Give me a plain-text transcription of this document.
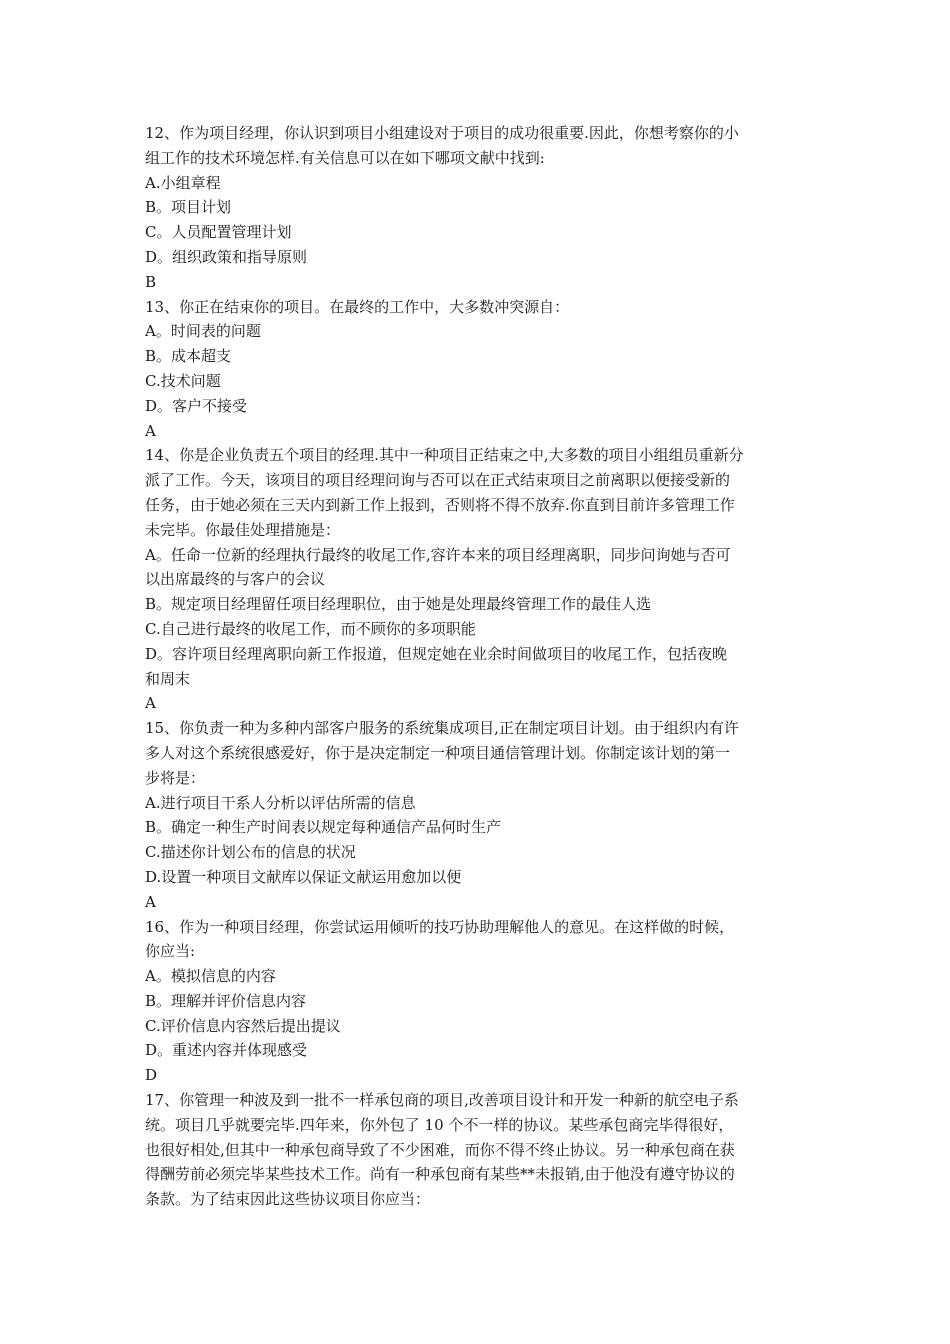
12、作为项目经理，你认识到项目小组建设对于项目的成功很重要.因此，你想考察你的小
组工作的技术环境怎样.有关信息可以在如下哪项文献中找到:
A.小组章程
B。项目计划
C。人员配置管理计划
D。组织政策和指导原则
B
13、你正在结束你的项目。在最终的工作中，大多数冲突源自：
A。时间表的问题
B。成本超支
C.技术问题
D。客户不接受
A
14、你是企业负责五个项目的经理.其中一种项目正结束之中,大多数的项目小组组员重新分
派了工作。今天，该项目的项目经理问询与否可以在正式结束项目之前离职以便接受新的
任务，由于她必须在三天内到新工作上报到，否则将不得不放弃.你直到目前许多管理工作
未完毕。你最佳处理措施是：
A。任命一位新的经理执行最终的收尾工作,容许本来的项目经理离职，同步问询她与否可
以出席最终的与客户的会议
B。规定项目经理留任项目经理职位，由于她是处理最终管理工作的最佳人选
C.自己进行最终的收尾工作，而不顾你的多项职能
D。容许项目经理离职向新工作报道，但规定她在业余时间做项目的收尾工作，包括夜晚
和周末
A
15、你负责一种为多种内部客户服务的系统集成项目,正在制定项目计划。由于组织内有许
多人对这个系统很感爱好，你于是决定制定一种项目通信管理计划。你制定该计划的第一
步将是：
A.进行项目干系人分析以评估所需的信息
B。确定一种生产时间表以规定每种通信产品何时生产
C.描述你计划公布的信息的状况
D.设置一种项目文献库以保证文献运用愈加以便
A
16、作为一种项目经理，你尝试运用倾听的技巧协助理解他人的意见。在这样做的时候，
你应当:
A。模拟信息的内容
B。理解并评价信息内容
C.评价信息内容然后提出提议
D。重述内容并体现感受
D
17、你管理一种波及到一批不一样承包商的项目,改善项目设计和开发一种新的航空电子系
统。项目几乎就要完毕.四年来，你外包了 10 个不一样的协议。某些承包商完毕得很好，
也很好相处,但其中一种承包商导致了不少困难，而你不得不终止协议。另一种承包商在获
得酬劳前必须完毕某些技术工作。尚有一种承包商有某些**未报销,由于他没有遵守协议的
条款。为了结束因此这些协议项目你应当：
